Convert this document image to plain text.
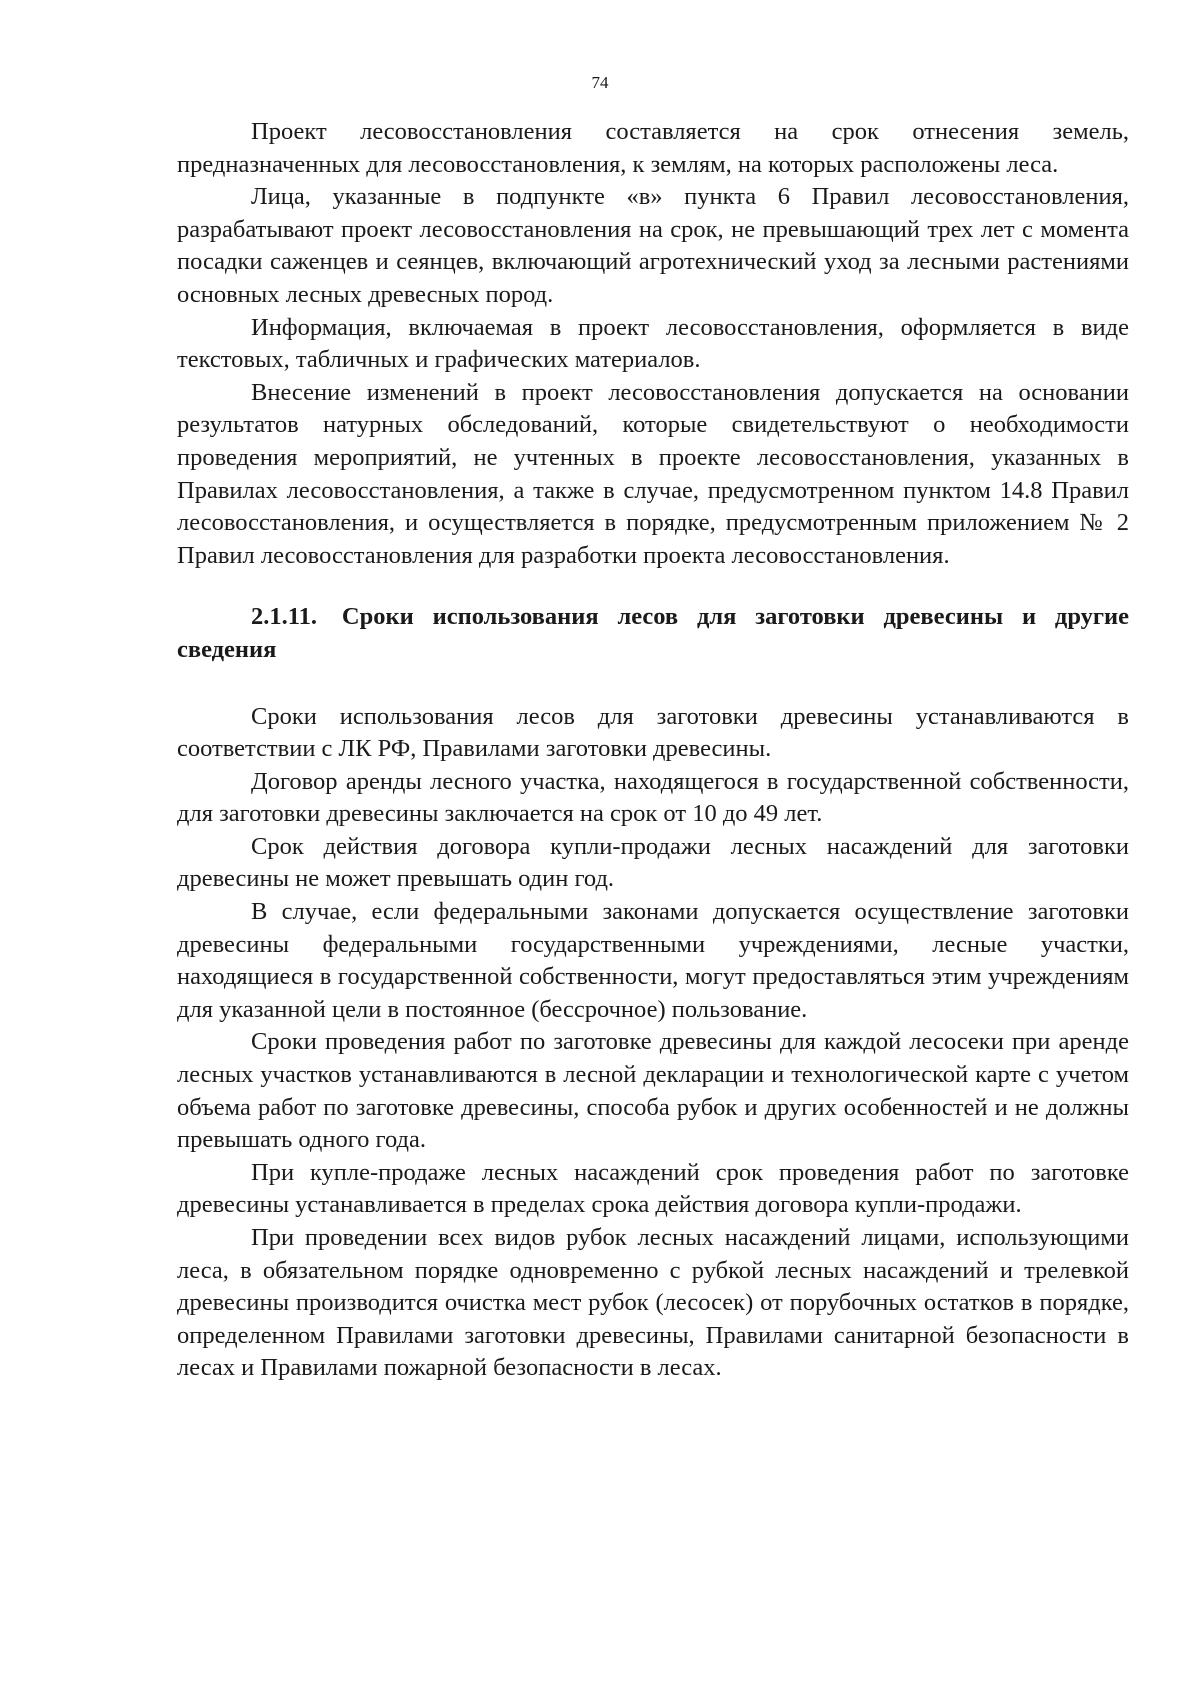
74

Проект лесовосстановления составляется на срок отнесения земель, предназначенных для лесовосстановления, к землям, на которых расположены леса.

Лица, указанные в подпункте «в» пункта 6 Правил лесовосстановления, разрабатывают проект лесовосстановления на срок, не превышающий трех лет с момента посадки саженцев и сеянцев, включающий агротехнический уход за лесными растениями основных лесных древесных пород.

Информация, включаемая в проект лесовосстановления, оформляется в виде текстовых, табличных и графических материалов.

Внесение изменений в проект лесовосстановления допускается на основании результатов натурных обследований, которые свидетельствуют о необходимости проведения мероприятий, не учтенных в проекте лесовосстановления, указанных в Правилах лесовосстановления, а также в случае, предусмотренном пунктом 14.8 Правил лесовосстановления, и осуществляется в порядке, предусмотренным приложением № 2 Правил лесовосстановления для разработки проекта лесовосстановления.

2.1.11. Сроки использования лесов для заготовки древесины и другие сведения

Сроки использования лесов для заготовки древесины устанавливаются в соответствии с ЛК РФ, Правилами заготовки древесины.

Договор аренды лесного участка, находящегося в государственной собственности, для заготовки древесины заключается на срок от 10 до 49 лет.

Срок действия договора купли-продажи лесных насаждений для заготовки древесины не может превышать один год.

В случае, если федеральными законами допускается осуществление заготовки древесины федеральными государственными учреждениями, лесные участки, находящиеся в государственной собственности, могут предоставляться этим учреждениям для указанной цели в постоянное (бессрочное) пользование.

Сроки проведения работ по заготовке древесины для каждой лесосеки при аренде лесных участков устанавливаются в лесной декларации и технологической карте с учетом объема работ по заготовке древесины, способа рубок и других особенностей и не должны превышать одного года.

При купле-продаже лесных насаждений срок проведения работ по заготовке древесины устанавливается в пределах срока действия договора купли-продажи.

При проведении всех видов рубок лесных насаждений лицами, использующими леса, в обязательном порядке одновременно с рубкой лесных насаждений и трелевкой древесины производится очистка мест рубок (лесосек) от порубочных остатков в порядке, определенном Правилами заготовки древесины, Правилами санитарной безопасности в лесах и Правилами пожарной безопасности в лесах.
